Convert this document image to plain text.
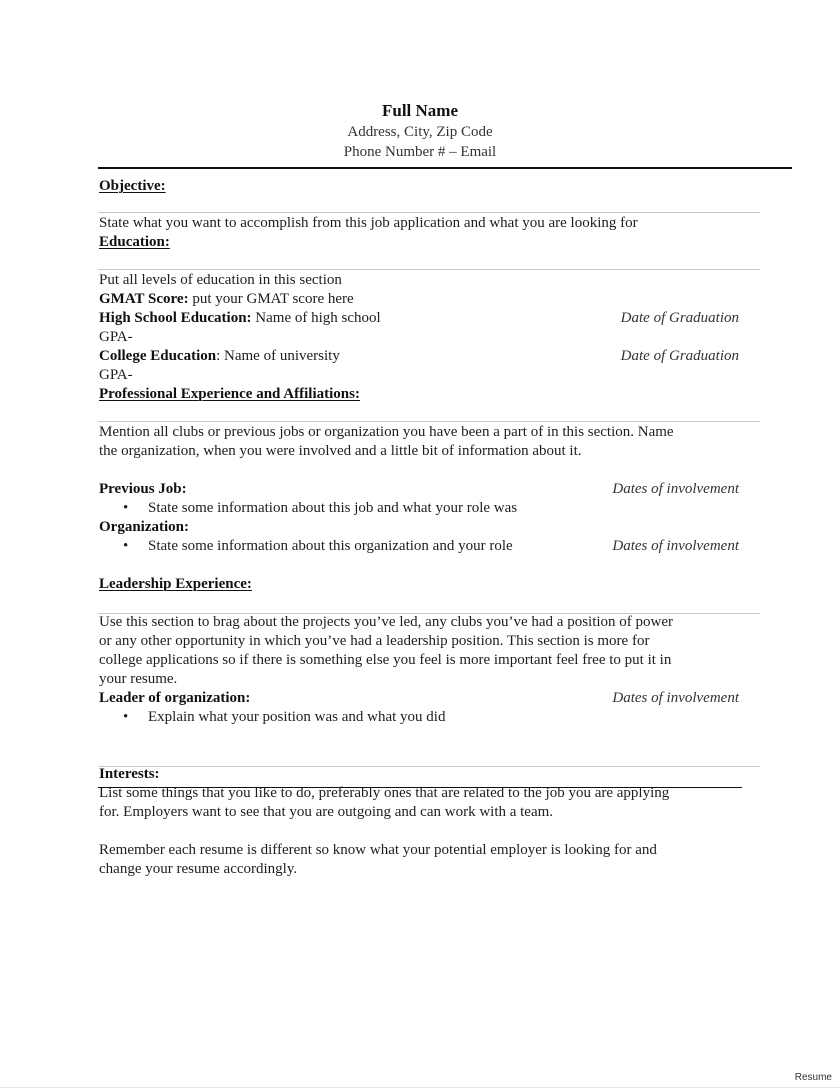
Full Name
Address, City, Zip Code
Phone Number # – Email
Objective:
State what you want to accomplish from this job application and what you are looking for
Education:
Put all levels of education in this section
GMAT Score: put your GMAT score here
High School Education: Name of high school	Date of Graduation
GPA-
College Education: Name of university	Date of Graduation
GPA-
Professional Experience and Affiliations:
Mention all clubs or previous jobs or organization you have been a part of in this section. Name
the organization, when you were involved and a little bit of information about it.
Previous Job:	Dates of involvement
• State some information about this job and what your role was
Organization:
• State some information about this organization and your role	Dates of involvement
Leadership Experience:
Use this section to brag about the projects you’ve led, any clubs you’ve had a position of power
or any other opportunity in which you’ve had a leadership position. This section is more for
college applications so if there is something else you feel is more important feel free to put it in
your resume.
Leader of organization:	Dates of involvement
• Explain what your position was and what you did
Interests:
List some things that you like to do, preferably ones that are related to the job you are applying
for. Employers want to see that you are outgoing and can work with a team.
Remember each resume is different so know what your potential employer is looking for and
change your resume accordingly.
Resume
